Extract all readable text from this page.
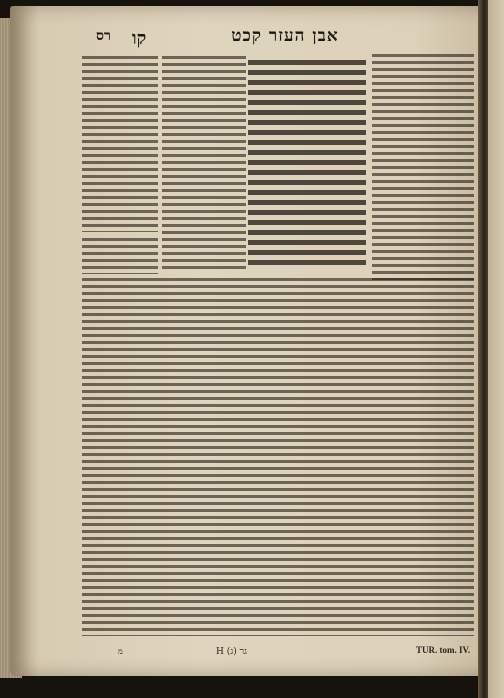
רס קו	אבן העזר קכט
מ	H (ג) גר	TUR. tom. IV.
